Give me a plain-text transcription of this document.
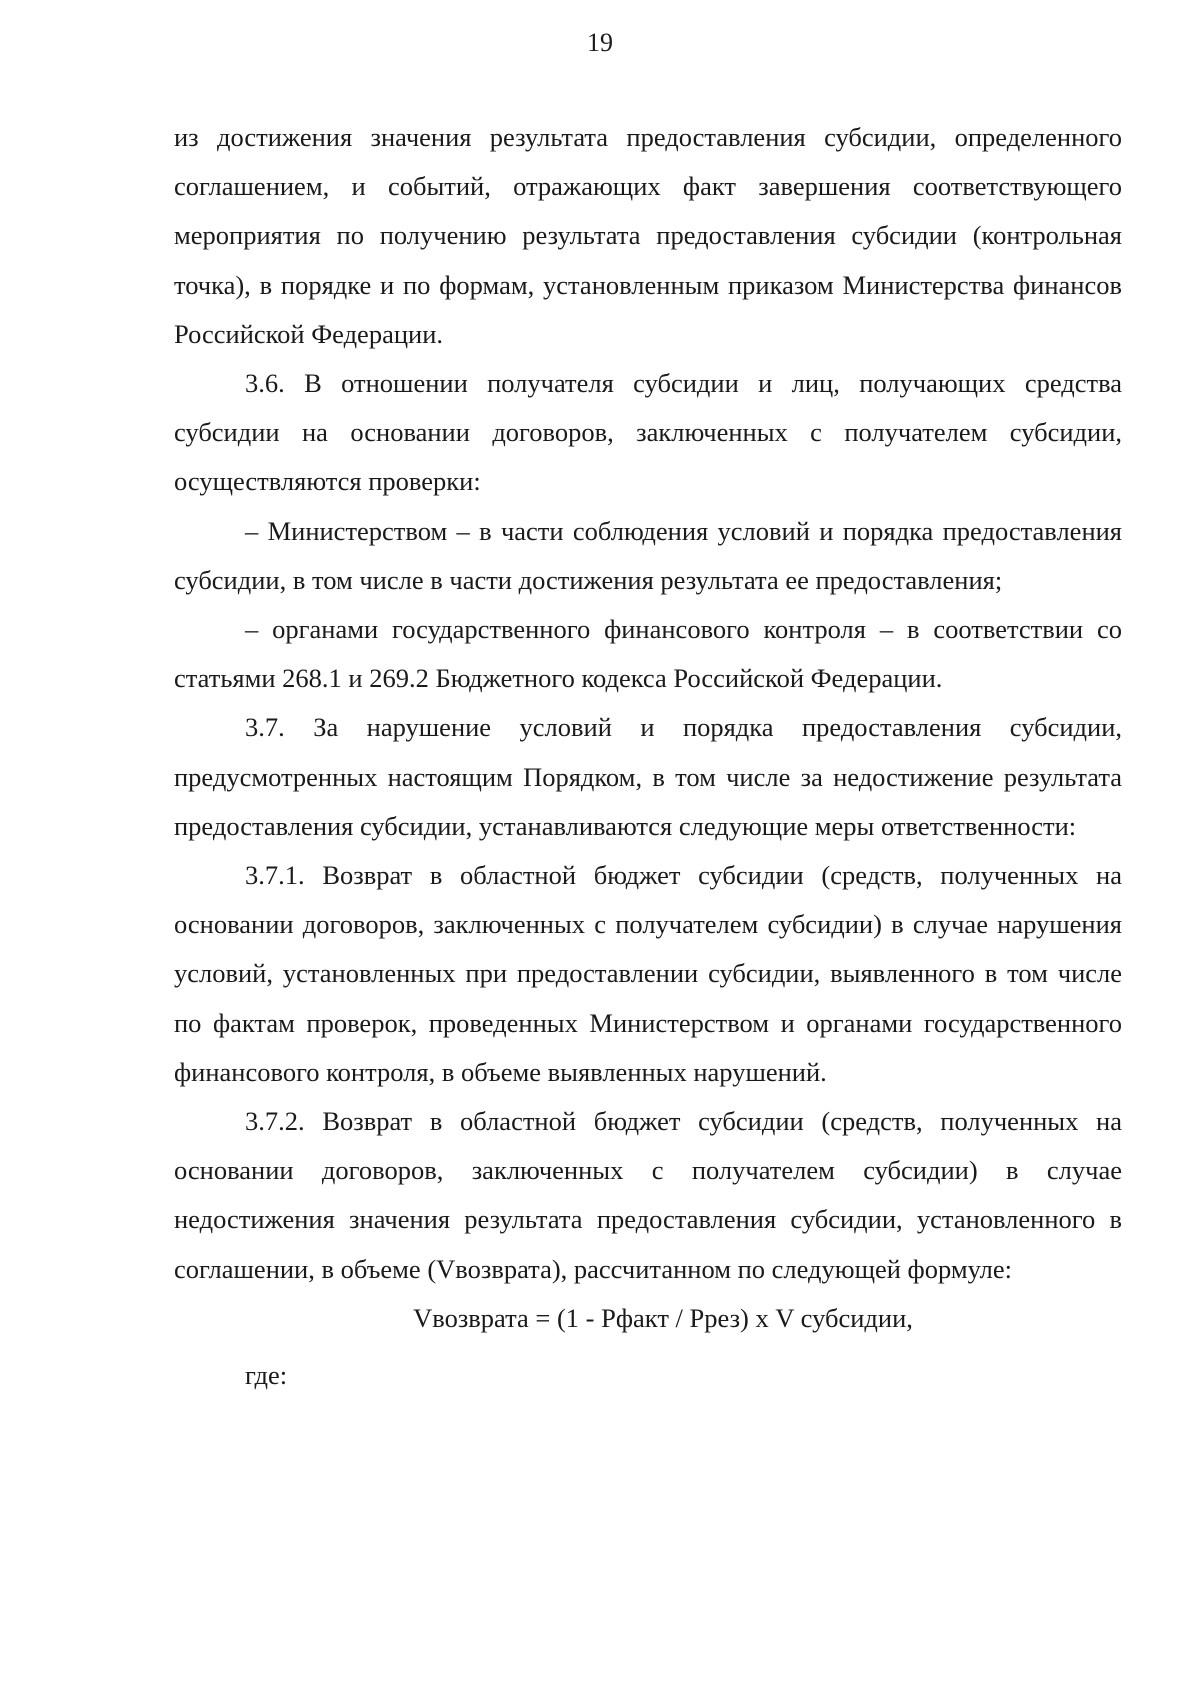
19

из достижения значения результата предоставления субсидии, определенного соглашением, и событий, отражающих факт завершения соответствующего мероприятия по получению результата предоставления субсидии (контрольная точка), в порядке и по формам, установленным приказом Министерства финансов Российской Федерации.

3.6. В отношении получателя субсидии и лиц, получающих средства субсидии на основании договоров, заключенных с получателем субсидии, осуществляются проверки:

– Министерством – в части соблюдения условий и порядка предоставления субсидии, в том числе в части достижения результата ее предоставления;

– органами государственного финансового контроля – в соответствии со статьями 268.1 и 269.2 Бюджетного кодекса Российской Федерации.

3.7. За нарушение условий и порядка предоставления субсидии, предусмотренных настоящим Порядком, в том числе за недостижение результата предоставления субсидии, устанавливаются следующие меры ответственности:

3.7.1. Возврат в областной бюджет субсидии (средств, полученных на основании договоров, заключенных с получателем субсидии) в случае нарушения условий, установленных при предоставлении субсидии, выявленного в том числе по фактам проверок, проведенных Министерством и органами государственного финансового контроля, в объеме выявленных нарушений.

3.7.2. Возврат в областной бюджет субсидии (средств, полученных на основании договоров, заключенных с получателем субсидии) в случае недостижения значения результата предоставления субсидии, установленного в соглашении, в объеме (Vвозврата), рассчитанном по следующей формуле:

Vвозврата = (1 - Рфакт / Ррез) х V субсидии,

где:
